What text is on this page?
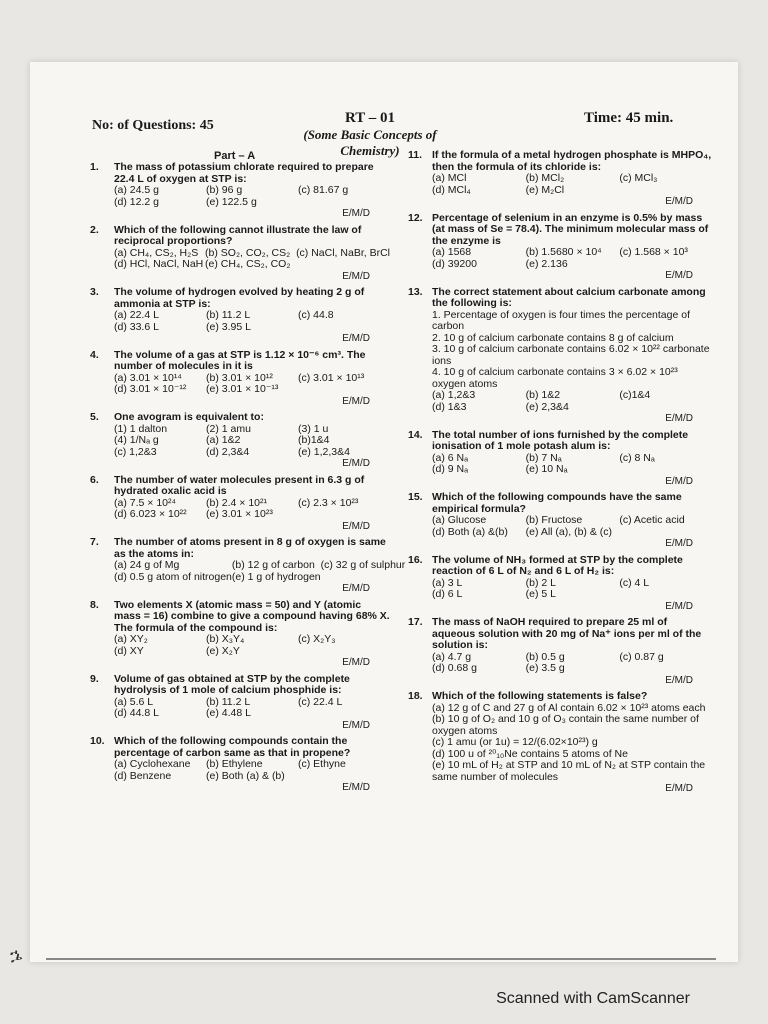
No: of Questions: 45	RT – 01
(Some Basic Concepts of Chemistry)
Time: 45 min.
Part – A
1.	The mass of potassium chlorate required to prepare 22.4 L of oxygen at STP is:
(a) 24.5 g	(b) 96 g	(c) 81.67 g
(d) 12.2 g	(e) 122.5 g
E/M/D
2.	Which of the following cannot illustrate the law of reciprocal proportions?
(a) CH₄, CS₂, H₂S (b) SO₂, CO₂, CS₂ (c) NaCl, NaBr, BrCl
(d) HCl, NaCl, NaH (e) CH₄, CS₂, CO₂
E/M/D
3.	The volume of hydrogen evolved by heating 2 g of ammonia at STP is:
(a) 22.4 L	(b) 11.2 L	(c) 44.8
(d) 33.6 L	(e) 3.95 L
E/M/D
4.	The volume of a gas at STP is 1.12 × 10⁻⁶ cm³. The number of molecules in it is
(a) 3.01 × 10¹⁴	(b) 3.01 × 10¹²	(c) 3.01 × 10¹³
(d) 3.01 × 10⁻¹²	(e) 3.01 × 10⁻¹³
E/M/D
5.	One avogram is equivalent to:
(1) 1 dalton	(2) 1 amu	(3) 1 u
(4) 1/Nₐ g	(a) 1&2	(b)1&4
(c) 1,2&3	(d) 2,3&4	(e) 1,2,3&4
E/M/D
6.	The number of water molecules present in 6.3 g of hydrated oxalic acid is
(a) 7.5 × 10²⁴	(b) 2.4 × 10²¹	(c) 2.3 × 10²³
(d) 6.023 × 10²²	(e) 3.01 × 10²³
E/M/D
7.	The number of atoms present in 8 g of oxygen is same as the atoms in:
(a) 24 g of Mg	(b) 12 g of carbon (c) 32 g of sulphur
(d) 0.5 g atom of nitrogen (e) 1 g of hydrogen
E/M/D
8.	Two elements X (atomic mass = 50) and Y (atomic mass = 16) combine to give a compound having 68% X. The formula of the compound is:
(a) XY₂	(b) X₃Y₄	(c) X₂Y₃
(d) XY	(e) X₂Y
E/M/D
9.	Volume of gas obtained at STP by the complete hydrolysis of 1 mole of calcium phosphide is:
(a) 5.6 L	(b) 11.2 L	(c) 22.4 L
(d) 44.8 L	(e) 4.48 L
E/M/D
10. Which of the following compounds contain the percentage of carbon same as that in propene?
(a) Cyclohexane	(b) Ethylene	(c) Ethyne
(d) Benzene	(e) Both (a) & (b)
E/M/D
11. If the formula of a metal hydrogen phosphate is MHPO₄, then the formula of its chloride is:
(a) MCl	(b) MCl₂	(c) MCl₃
(d) MCl₄	(e) M₂Cl
E/M/D
12. Percentage of selenium in an enzyme is 0.5% by mass (at mass of Se = 78.4). The minimum molecular mass of the enzyme is
(a) 1568	(b) 1.5680 × 10⁴	(c) 1.568 × 10³
(d) 39200	(e) 2.136
E/M/D
13. The correct statement about calcium carbonate among the following is:
1. Percentage of oxygen is four times the percentage of carbon
2. 10 g of calcium carbonate contains 8 g of calcium
3. 10 g of calcium carbonate contains 6.02 × 10²² carbonate ions
4. 10 g of calcium carbonate contains 3 × 6.02 × 10²³ oxygen atoms
(a) 1,2&3	(b) 1&2	(c)1&4
(d) 1&3	(e) 2,3&4
E/M/D
14. The total number of ions furnished by the complete ionisation of 1 mole potash alum is:
(a) 6 Nₐ	(b) 7 Nₐ	(c) 8 Nₐ
(d) 9 Nₐ	(e) 10 Nₐ
E/M/D
15. Which of the following compounds have the same empirical formula?
(a) Glucose	(b) Fructose	(c) Acetic acid
(d) Both (a) &(b)	(e) All (a), (b) & (c)
E/M/D
16. The volume of NH₃ formed at STP by the complete reaction of 6 L of N₂ and 6 L of H₂ is:
(a) 3 L	(b) 2 L	(c) 4 L
(d) 6 L	(e) 5 L
E/M/D
17. The mass of NaOH required to prepare 25 ml of aqueous solution with 20 mg of Na⁺ ions per ml of the solution is:
(a) 4.7 g	(b) 0.5 g	(c) 0.87 g
(d) 0.68 g	(e) 3.5 g
E/M/D
18. Which of the following statements is false?
(a) 12 g of C and 27 g of Al contain 6.02 × 10²³ atoms each
(b) 10 g of O₂ and 10 g of O₃ contain the same number of oxygen atoms
(c) 1 amu (or 1u) = 12/(6.02×10²³) g
(d) 100 u of ²⁰₁₀Ne contains 5 atoms of Ne
(e) 10 mL of H₂ at STP and 10 mL of N₂ at STP contain the same number of molecules
E/M/D
ኌ
Scanned with CamScanner
